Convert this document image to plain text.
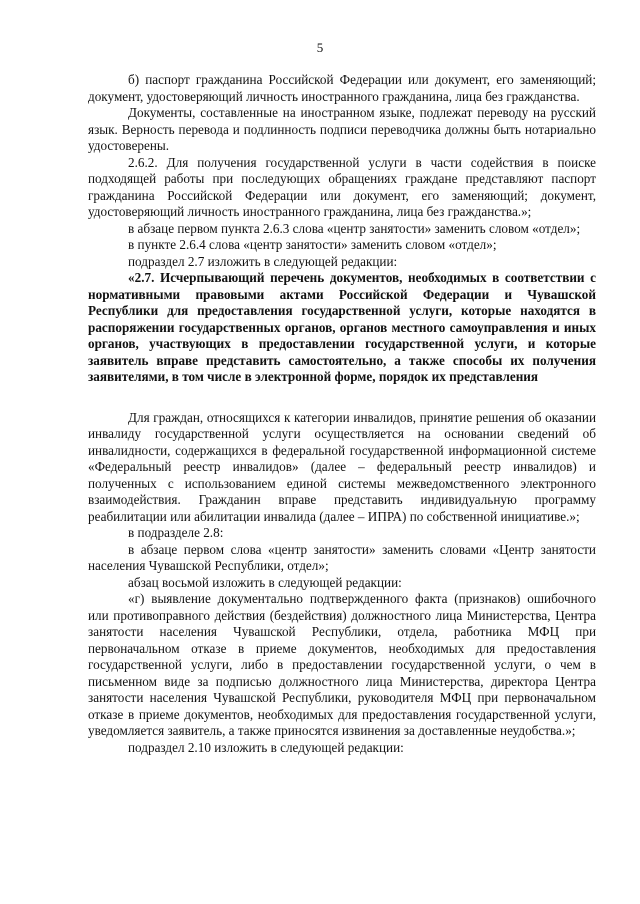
5

б) паспорт гражданина Российской Федерации или документ, его заменяющий; документ, удостоверяющий личность иностранного гражданина, лица без гражданства.

Документы, составленные на иностранном языке, подлежат переводу на русский язык. Верность перевода и подлинность подписи переводчика должны быть нотариально удостоверены.

2.6.2. Для получения государственной услуги в части содействия в поиске подходящей работы при последующих обращениях граждане представляют паспорт гражданина Российской Федерации или документ, его заменяющий; документ, удостоверяющий личность иностранного гражданина, лица без гражданства.»;

в абзаце первом пункта 2.6.3 слова «центр занятости» заменить словом «отдел»;

в пункте 2.6.4 слова «центр занятости» заменить словом «отдел»;

подраздел 2.7 изложить в следующей редакции:

«2.7. Исчерпывающий перечень документов, необходимых в соответствии с нормативными правовыми актами Российской Федерации и Чувашской Республики для предоставления государственной услуги, которые находятся в распоряжении государственных органов, органов местного самоуправления и иных органов, участвующих в предоставлении государственной услуги, и которые заявитель вправе представить самостоятельно, а также способы их получения заявителями, в том числе в электронной форме, порядок их представления

Для граждан, относящихся к категории инвалидов, принятие решения об оказании инвалиду государственной услуги осуществляется на основании сведений об инвалидности, содержащихся в федеральной государственной информационной системе «Федеральный реестр инвалидов» (далее – федеральный реестр инвалидов) и полученных с использованием единой системы межведомственного электронного взаимодействия. Гражданин вправе представить индивидуальную программу реабилитации или абилитации инвалида (далее – ИПРА) по собственной инициативе.»;

в подразделе 2.8:

в абзаце первом слова «центр занятости» заменить словами «Центр занятости населения Чувашской Республики, отдел»;

абзац восьмой изложить в следующей редакции:

«г) выявление документально подтвержденного факта (признаков) ошибочного или противоправного действия (бездействия) должностного лица Министерства, Центра занятости населения Чувашской Республики, отдела, работника МФЦ при первоначальном отказе в приеме документов, необходимых для предоставления государственной услуги, либо в предоставлении государственной услуги, о чем в письменном виде за подписью должностного лица Министерства, директора Центра занятости населения Чувашской Республики, руководителя МФЦ при первоначальном отказе в приеме документов, необходимых для предоставления государственной услуги, уведомляется заявитель, а также приносятся извинения за доставленные неудобства.»;

подраздел 2.10 изложить в следующей редакции:
